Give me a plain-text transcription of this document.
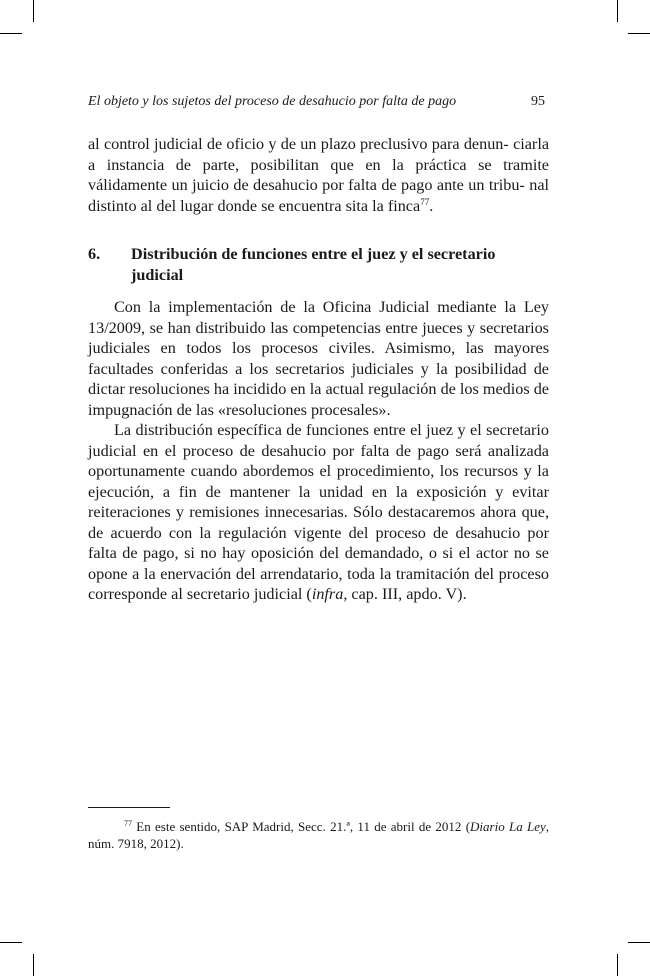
El objeto y los sujetos del proceso de desahucio por falta de pago	95

al control judicial de oficio y de un plazo preclusivo para denun- ciarla a instancia de parte, posibilitan que en la práctica se tramite válidamente un juicio de desahucio por falta de pago ante un tribu- nal distinto al del lugar donde se encuentra sita la finca$^{77}$.

6. Distribución de funciones entre el juez y el secretario judicial

Con la implementación de la Oficina Judicial mediante la Ley 13/2009, se han distribuido las competencias entre jueces y secretarios judiciales en todos los procesos civiles. Asimismo, las mayores facultades conferidas a los secretarios judiciales y la posibilidad de dictar resoluciones ha incidido en la actual regulación de los medios de impugnación de las «resoluciones procesales».

La distribución específica de funciones entre el juez y el secretario judicial en el proceso de desahucio por falta de pago será analizada oportunamente cuando abordemos el procedimiento, los recursos y la ejecución, a fin de mantener la unidad en la exposición y evitar reiteraciones y remisiones innecesarias. Sólo destacaremos ahora que, de acuerdo con la regulación vigente del proceso de desahucio por falta de pago, si no hay oposición del demandado, o si el actor no se opone a la enervación del arrendatario, toda la tramitación del proceso corresponde al secretario judicial (infra, cap. III, apdo. V).

$^{77}$ En este sentido, SAP Madrid, Secc. 21.ª, 11 de abril de 2012 (Diario La Ley, núm. 7918, 2012).
